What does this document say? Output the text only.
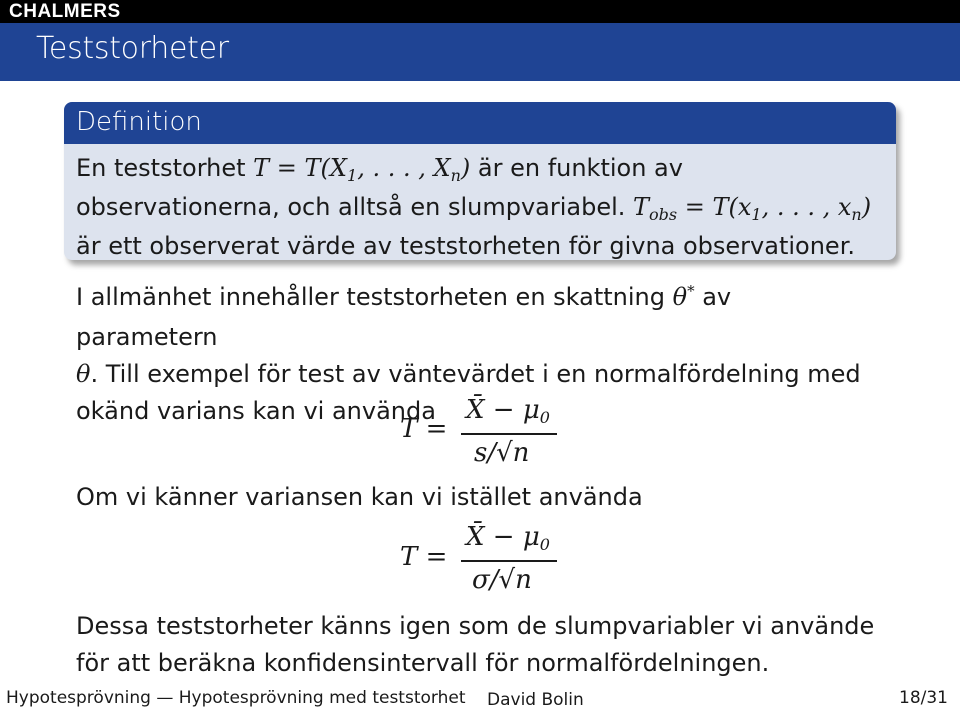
CHALMERS
Teststorheter
Definition
En teststorhet $T = T(X_1$, . . . , $X_n$) är en funktion av
observationerna, och alltså en slumpvariabel. $T_{obs} = T(x_1$, . . . , $x_n$)
är ett observerat värde av teststorheten för givna observationer.
I allmänhet innehåller teststorheten en skattning θ* av parametern
θ. Till exempel för test av väntevärdet i en normalfördelning med
okänd varians kan vi använda
T =
X̄ − μ0
s/√n
Om vi känner variansen kan vi istället använda
T =
X̄ − μ0
σ/√n
Dessa teststorheter känns igen som de slumpvariabler vi använde
för att beräkna konfidensintervall för normalfördelningen.
Hypotesprövning — Hypotesprövning med teststorhet David Bolin	18/31
